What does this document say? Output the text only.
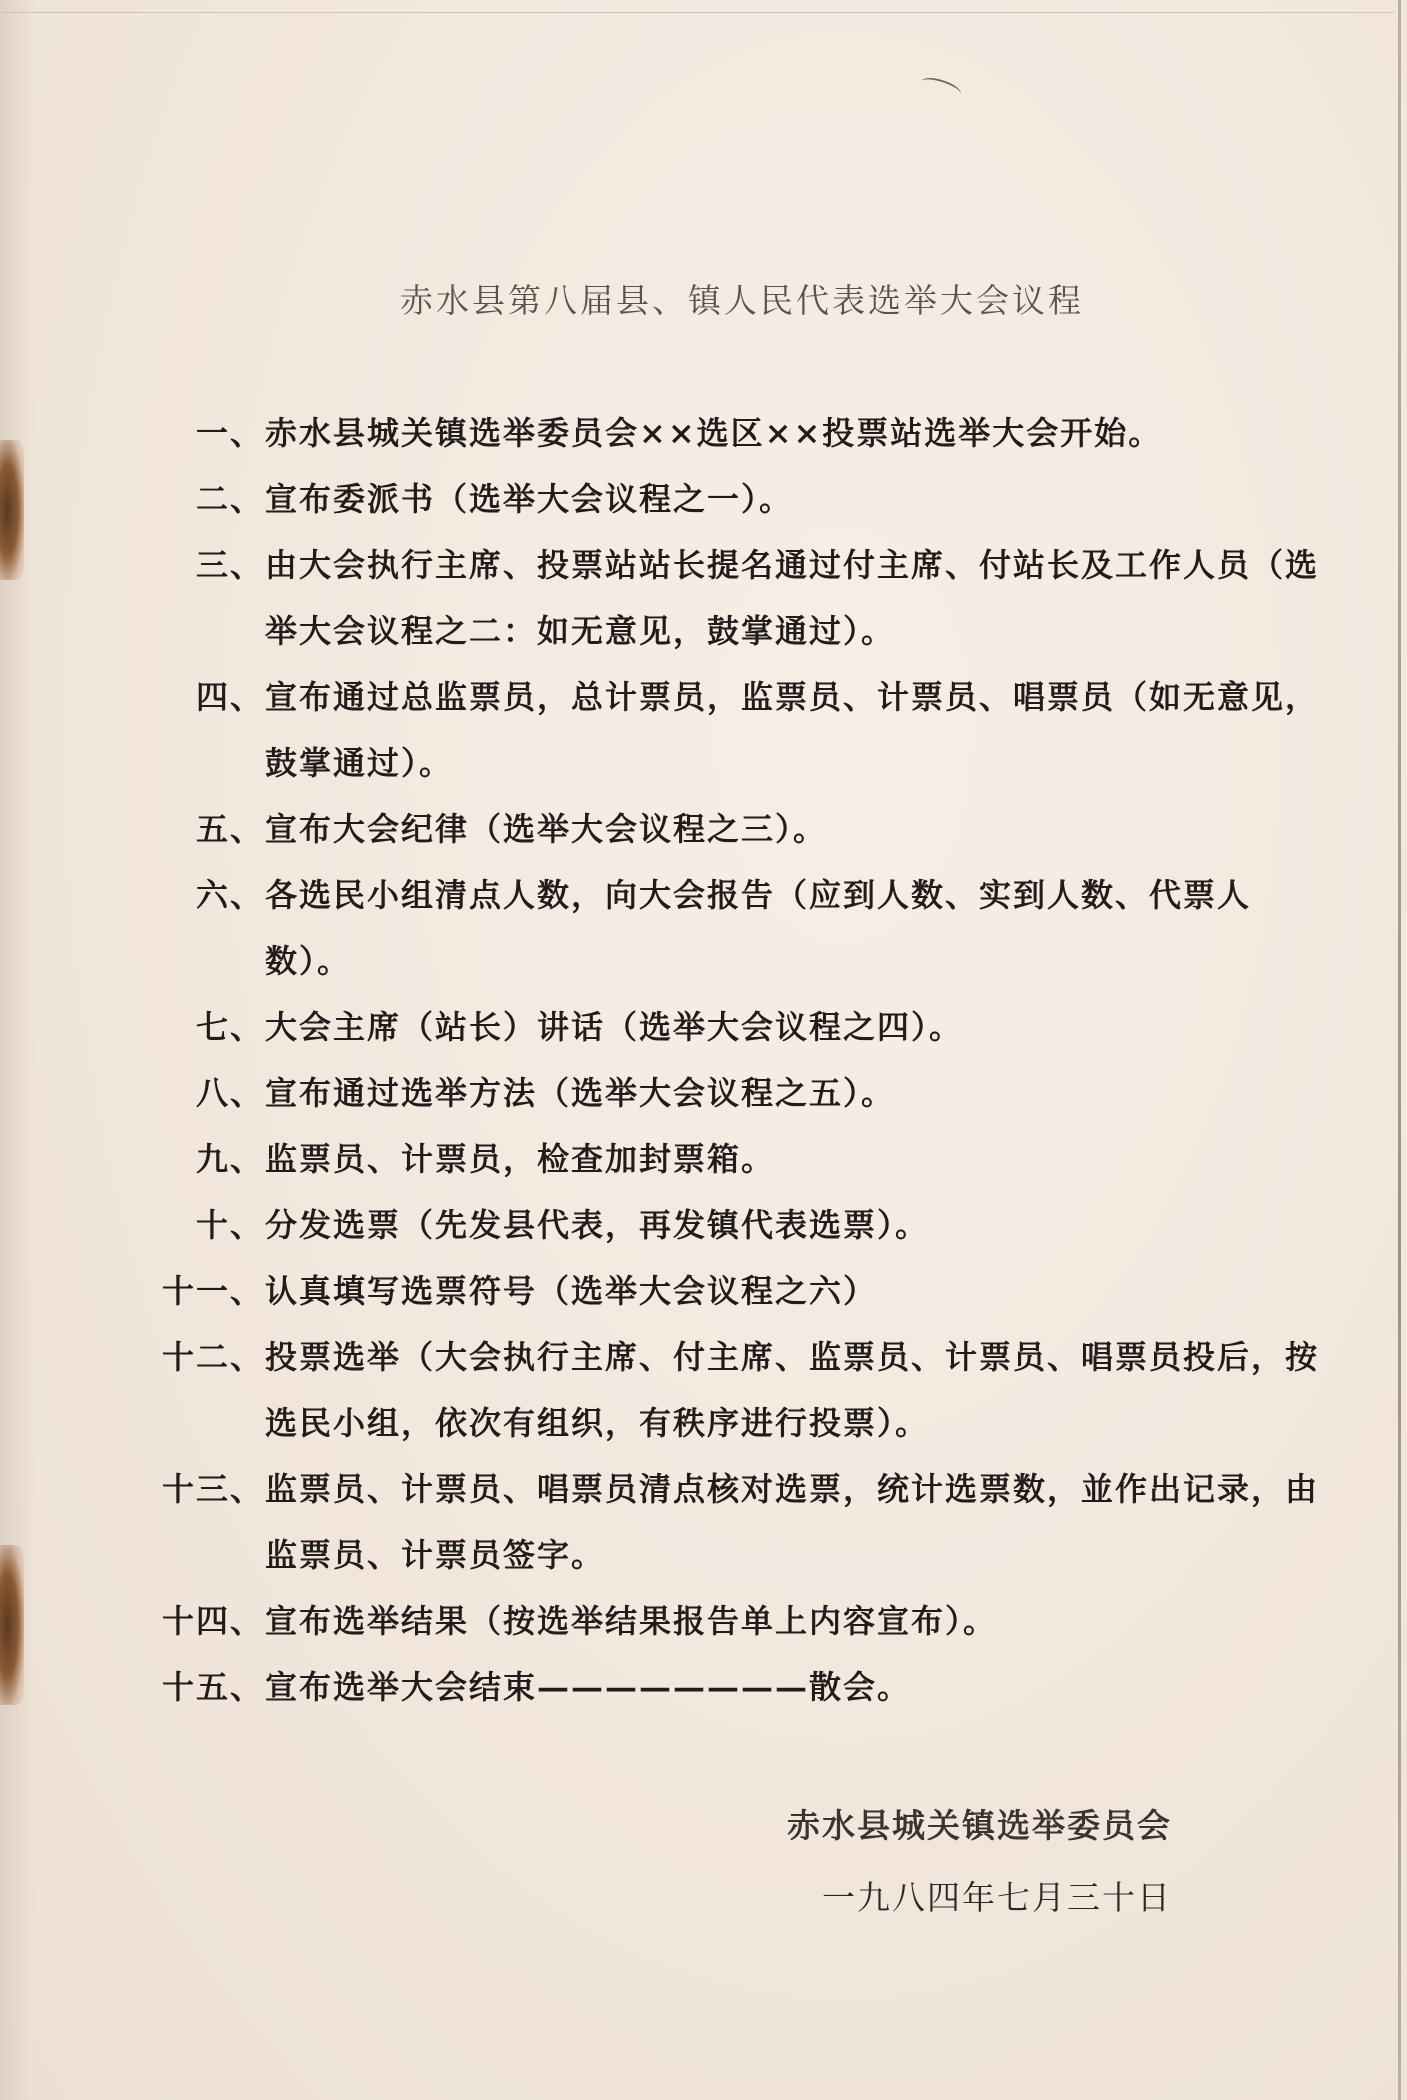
赤水县第八届县、镇人民代表选举大会议程
一、 赤水县城关镇选举委员会××选区××投票站选举大会开始。
二、 宣布委派书（选举大会议程之一）。
三、 由大会执行主席、投票站站长提名通过付主席、付站长及工作人员（选举大会议程之二：如无意见，鼓掌通过）。
四、 宣布通过总监票员，总计票员，监票员、计票员、唱票员（如无意见，鼓掌通过）。
五、 宣布大会纪律（选举大会议程之三）。
六、 各选民小组清点人数，向大会报告（应到人数、实到人数、代票人数）。
七、 大会主席（站长）讲话（选举大会议程之四）。
八、 宣布通过选举方法（选举大会议程之五）。
九、 监票员、计票员，检查加封票箱。
十、 分发选票（先发县代表，再发镇代表选票）。
十一、 认真填写选票符号（选举大会议程之六）
十二、 投票选举（大会执行主席、付主席、监票员、计票员、唱票员投后，按选民小组，依次有组织，有秩序进行投票）。
十三、 监票员、计票员、唱票员清点核对选票，统计选票数，並作出记录，由监票员、计票员签字。
十四、 宣布选举结果（按选举结果报告单上内容宣布）。
十五、 宣布选举大会结束————————散会。
赤水县城关镇选举委员会
一九八四年七月三十日
